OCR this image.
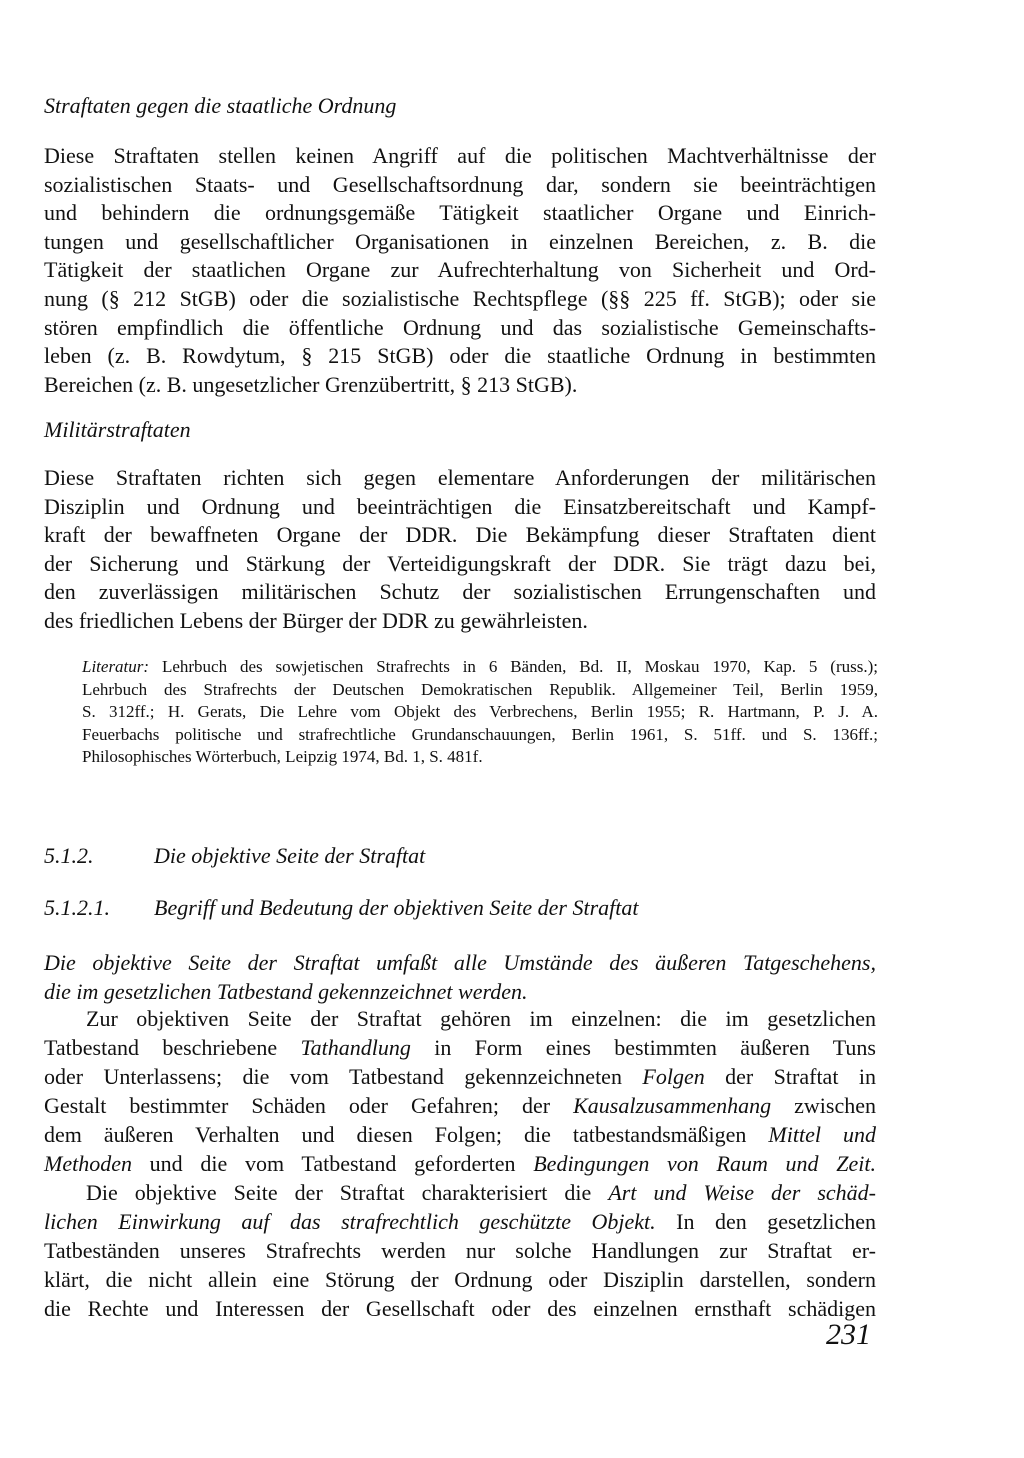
Straftaten gegen die staatliche Ordnung

Diese Straftaten stellen keinen Angriff auf die politischen Machtverhältnisse der
sozialistischen Staats- und Gesellschaftsordnung dar, sondern sie beeinträchtigen
und behindern die ordnungsgemäße Tätigkeit staatlicher Organe und Einrich-
tungen und gesellschaftlicher Organisationen in einzelnen Bereichen, z. B. die
Tätigkeit der staatlichen Organe zur Aufrechterhaltung von Sicherheit und Ord-
nung (§ 212 StGB) oder die sozialistische Rechtspflege (§§ 225 ff. StGB); oder sie
stören empfindlich die öffentliche Ordnung und das sozialistische Gemeinschafts-
leben (z. B. Rowdytum, § 215 StGB) oder die staatliche Ordnung in bestimmten
Bereichen (z. B. ungesetzlicher Grenzübertritt, § 213 StGB).

Militärstraftaten

Diese Straftaten richten sich gegen elementare Anforderungen der militärischen
Disziplin und Ordnung und beeinträchtigen die Einsatzbereitschaft und Kampf-
kraft der bewaffneten Organe der DDR. Die Bekämpfung dieser Straftaten dient
der Sicherung und Stärkung der Verteidigungskraft der DDR. Sie trägt dazu bei,
den zuverlässigen militärischen Schutz der sozialistischen Errungenschaften und
des friedlichen Lebens der Bürger der DDR zu gewährleisten.
Literatur: Lehrbuch des sowjetischen Strafrechts in 6 Bänden, Bd. II, Moskau 1970, Kap. 5 (russ.);
Lehrbuch des Strafrechts der Deutschen Demokratischen Republik. Allgemeiner Teil, Berlin 1959,
S. 312ff.; H. Gerats, Die Lehre vom Objekt des Verbrechens, Berlin 1955; R. Hartmann, P. J. A.
Feuerbachs politische und strafrechtliche Grundanschauungen, Berlin 1961, S. 51ff. und S. 136ff.;
Philosophisches Wörterbuch, Leipzig 1974, Bd. 1, S. 481f.

5.1.2.	Die objektive Seite der Straftat

5.1.2.1. Begriff und Bedeutung der objektiven Seite der Straftat

Die objektive Seite der Straftat umfaßt alle Umstände des äußeren Tatgeschehens,
die im gesetzlichen Tatbestand gekennzeichnet werden.
Zur objektiven Seite der Straftat gehören im einzelnen: die im gesetzlichen
Tatbestand beschriebene Tathandlung in Form eines bestimmten äußeren Tuns
oder Unterlassens; die vom Tatbestand gekennzeichneten Folgen der Straftat in
Gestalt bestimmter Schäden oder Gefahren; der Kausalzusammenhang zwischen
dem äußeren Verhalten und diesen Folgen; die tatbestandsmäßigen Mittel und
Methoden und die vom Tatbestand geforderten Bedingungen von Raum und Zeit.
Die objektive Seite der Straftat charakterisiert die Art und Weise der schäd-
lichen Einwirkung auf das strafrechtlich geschützte Objekt. In den gesetzlichen
Tatbeständen unseres Strafrechts werden nur solche Handlungen zur Straftat er-
klärt, die nicht allein eine Störung der Ordnung oder Disziplin darstellen, sondern
die Rechte und Interessen der Gesellschaft oder des einzelnen ernsthaft schädigen

231
